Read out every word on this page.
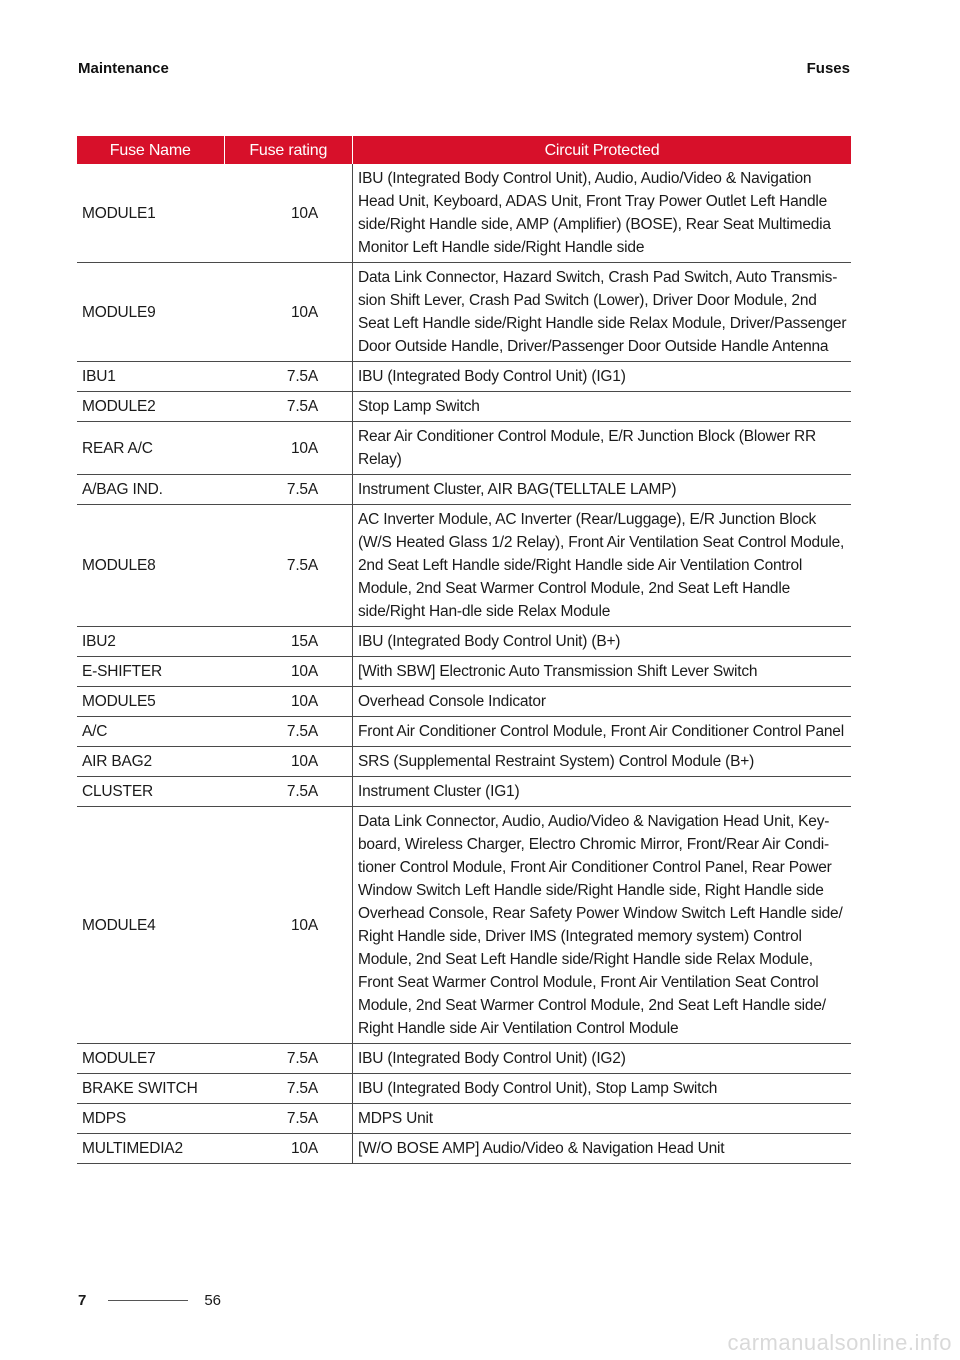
Maintenance	Fuses
Fuse Name	Fuse rating	Circuit Protected
MODULE1	10A	IBU (Integrated Body Control Unit), Audio, Audio/Video & Navigation Head Unit, Keyboard, ADAS Unit, Front Tray Power Outlet Left Handle side/Right Handle side, AMP (Amplifier) (BOSE), Rear Seat Multimedia Monitor Left Handle side/Right Handle side
MODULE9	10A	Data Link Connector, Hazard Switch, Crash Pad Switch, Auto Transmis-sion Shift Lever, Crash Pad Switch (Lower), Driver Door Module, 2nd Seat Left Handle side/Right Handle side Relax Module, Driver/Passenger Door Outside Handle, Driver/Passenger Door Outside Handle Antenna
IBU1	7.5A	IBU (Integrated Body Control Unit) (IG1)
MODULE2	7.5A	Stop Lamp Switch
REAR A/C	10A	Rear Air Conditioner Control Module, E/R Junction Block (Blower RR Relay)
A/BAG IND.	7.5A	Instrument Cluster, AIR BAG(TELLTALE LAMP)
MODULE8	7.5A	AC Inverter Module, AC Inverter (Rear/Luggage), E/R Junction Block (W/S Heated Glass 1/2 Relay), Front Air Ventilation Seat Control Module, 2nd Seat Left Handle side/Right Handle side Air Ventilation Control Module, 2nd Seat Warmer Control Module, 2nd Seat Left Handle side/Right Han-dle side Relax Module
IBU2	15A	IBU (Integrated Body Control Unit) (B+)
E-SHIFTER	10A	[With SBW] Electronic Auto Transmission Shift Lever Switch
MODULE5	10A	Overhead Console Indicator
A/C	7.5A	Front Air Conditioner Control Module, Front Air Conditioner Control Panel
AIR BAG2	10A	SRS (Supplemental Restraint System) Control Module (B+)
CLUSTER	7.5A	Instrument Cluster (IG1)
MODULE4	10A	Data Link Connector, Audio, Audio/Video & Navigation Head Unit, Key-board, Wireless Charger, Electro Chromic Mirror, Front/Rear Air Condi-tioner Control Module, Front Air Conditioner Control Panel, Rear Power Window Switch Left Handle side/Right Handle side, Right Handle side Overhead Console, Rear Safety Power Window Switch Left Handle side/ Right Handle side, Driver IMS (Integrated memory system) Control Module, 2nd Seat Left Handle side/Right Handle side Relax Module, Front Seat Warmer Control Module, Front Air Ventilation Seat Control Module, 2nd Seat Warmer Control Module, 2nd Seat Left Handle side/ Right Handle side Air Ventilation Control Module
MODULE7	7.5A	IBU (Integrated Body Control Unit) (IG2)
BRAKE SWITCH	7.5A	IBU (Integrated Body Control Unit), Stop Lamp Switch
MDPS	7.5A	MDPS Unit
MULTIMEDIA2	10A	[W/O BOSE AMP] Audio/Video & Navigation Head Unit
7	56
carmanualsonline.info
